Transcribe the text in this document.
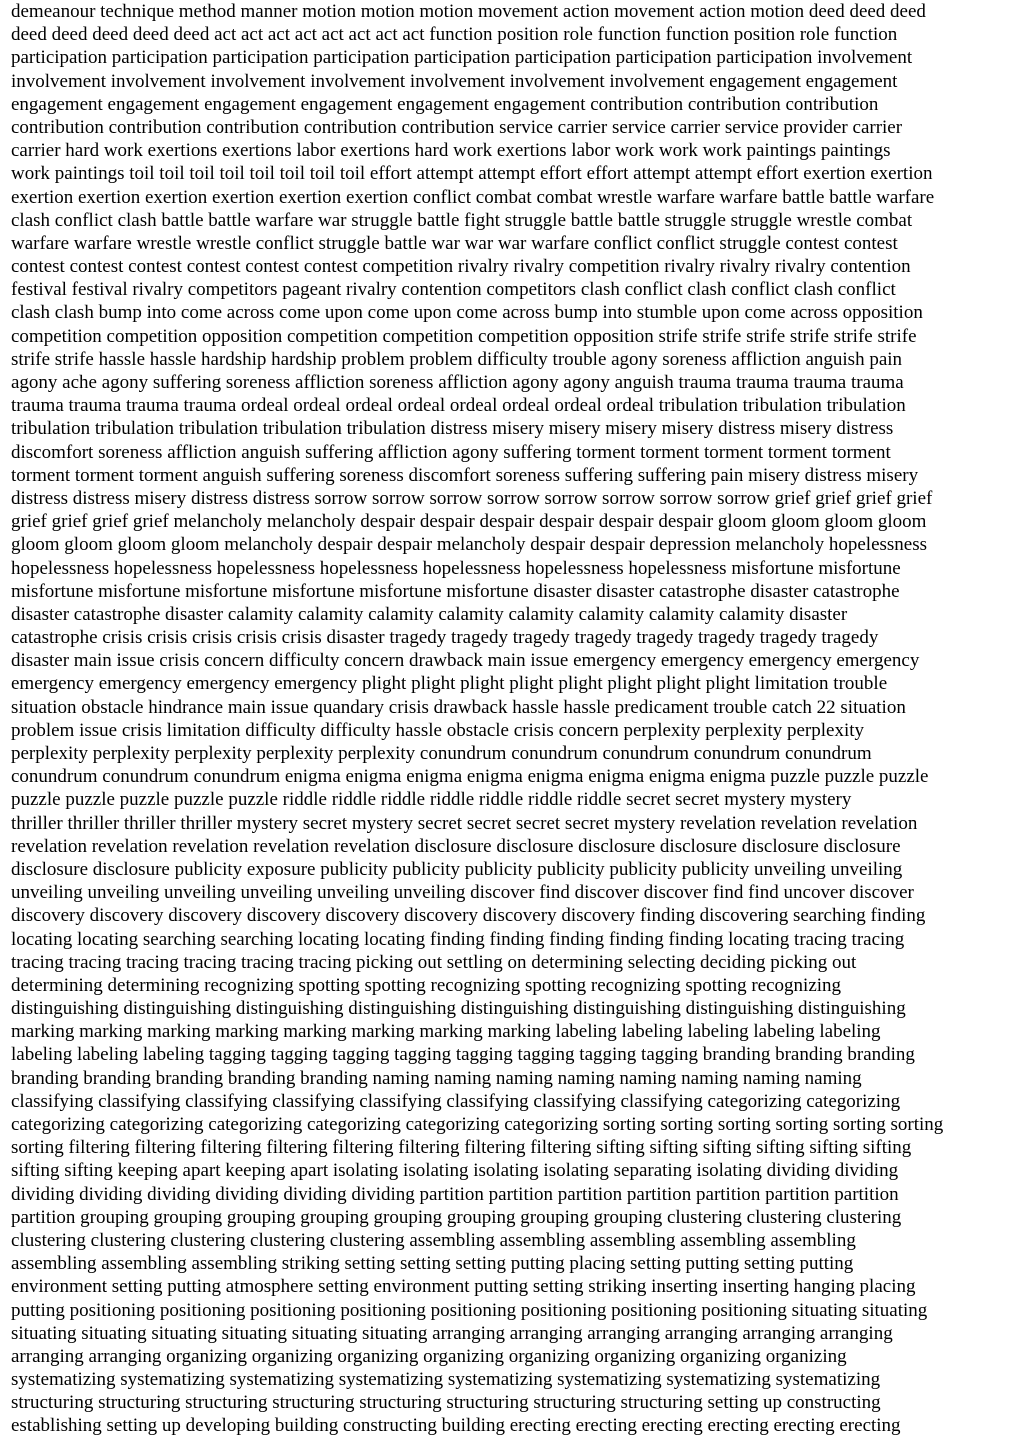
demeanour technique method manner motion motion motion movement action movement action motion deed deed deed
deed deed deed deed deed act act act act act act act act function position role function function position role function
participation participation participation participation participation participation participation participation involvement
involvement involvement involvement involvement involvement involvement involvement engagement engagement
engagement engagement engagement engagement engagement engagement contribution contribution contribution
contribution contribution contribution contribution contribution service carrier service carrier service provider carrier
carrier hard work exertions exertions labor exertions hard work exertions labor work work work paintings paintings
work paintings toil toil toil toil toil toil toil toil effort attempt attempt effort effort attempt attempt effort exertion exertion
exertion exertion exertion exertion exertion exertion conflict combat combat wrestle warfare warfare battle battle warfare
clash conflict clash battle battle warfare war struggle battle fight struggle battle battle struggle struggle wrestle combat
warfare warfare wrestle wrestle conflict struggle battle war war war warfare conflict conflict struggle contest contest
contest contest contest contest contest contest competition rivalry rivalry competition rivalry rivalry rivalry contention
festival festival rivalry competitors pageant rivalry contention competitors clash conflict clash conflict clash conflict
clash clash bump into come across come upon come upon come across bump into stumble upon come across opposition
competition competition opposition competition competition competition opposition strife strife strife strife strife strife
strife strife hassle hassle hardship hardship problem problem difficulty trouble agony soreness affliction anguish pain
agony ache agony suffering soreness affliction soreness affliction agony agony anguish trauma trauma trauma trauma
trauma trauma trauma trauma ordeal ordeal ordeal ordeal ordeal ordeal ordeal ordeal tribulation tribulation tribulation
tribulation tribulation tribulation tribulation tribulation distress misery misery misery misery distress misery distress
discomfort soreness affliction anguish suffering affliction agony suffering torment torment torment torment torment
torment torment torment anguish suffering soreness discomfort soreness suffering suffering pain misery distress misery
distress distress misery distress distress sorrow sorrow sorrow sorrow sorrow sorrow sorrow sorrow grief grief grief grief
grief grief grief grief melancholy melancholy despair despair despair despair despair despair gloom gloom gloom gloom
gloom gloom gloom gloom melancholy despair despair melancholy despair despair depression melancholy hopelessness
hopelessness hopelessness hopelessness hopelessness hopelessness hopelessness hopelessness misfortune misfortune
misfortune misfortune misfortune misfortune misfortune misfortune disaster disaster catastrophe disaster catastrophe
disaster catastrophe disaster calamity calamity calamity calamity calamity calamity calamity calamity disaster
catastrophe crisis crisis crisis crisis crisis disaster tragedy tragedy tragedy tragedy tragedy tragedy tragedy tragedy
disaster main issue crisis concern difficulty concern drawback main issue emergency emergency emergency emergency
emergency emergency emergency emergency plight plight plight plight plight plight plight plight limitation trouble
situation obstacle hindrance main issue quandary crisis drawback hassle hassle predicament trouble catch 22 situation
problem issue crisis limitation difficulty difficulty hassle obstacle crisis concern perplexity perplexity perplexity
perplexity perplexity perplexity perplexity perplexity conundrum conundrum conundrum conundrum conundrum
conundrum conundrum conundrum enigma enigma enigma enigma enigma enigma enigma enigma puzzle puzzle puzzle
puzzle puzzle puzzle puzzle puzzle riddle riddle riddle riddle riddle riddle riddle secret secret mystery mystery
thriller thriller thriller thriller mystery secret mystery secret secret secret secret mystery revelation revelation revelation
revelation revelation revelation revelation revelation disclosure disclosure disclosure disclosure disclosure disclosure
disclosure disclosure publicity exposure publicity publicity publicity publicity publicity publicity unveiling unveiling
unveiling unveiling unveiling unveiling unveiling unveiling discover find discover discover find find uncover discover
discovery discovery discovery discovery discovery discovery discovery discovery finding discovering searching finding
locating locating searching searching locating locating finding finding finding finding finding locating tracing tracing
tracing tracing tracing tracing tracing tracing picking out settling on determining selecting deciding picking out
determining determining recognizing spotting spotting recognizing spotting recognizing spotting recognizing
distinguishing distinguishing distinguishing distinguishing distinguishing distinguishing distinguishing distinguishing
marking marking marking marking marking marking marking marking labeling labeling labeling labeling labeling
labeling labeling labeling tagging tagging tagging tagging tagging tagging tagging tagging branding branding branding
branding branding branding branding branding naming naming naming naming naming naming naming naming
classifying classifying classifying classifying classifying classifying classifying classifying categorizing categorizing
categorizing categorizing categorizing categorizing categorizing categorizing sorting sorting sorting sorting sorting sorting
sorting filtering filtering filtering filtering filtering filtering filtering filtering sifting sifting sifting sifting sifting sifting
sifting sifting keeping apart keeping apart isolating isolating isolating isolating separating isolating dividing dividing
dividing dividing dividing dividing dividing dividing partition partition partition partition partition partition partition
partition grouping grouping grouping grouping grouping grouping grouping grouping clustering clustering clustering
clustering clustering clustering clustering clustering assembling assembling assembling assembling assembling
assembling assembling assembling striking setting setting setting putting placing setting putting setting putting
environment setting putting atmosphere setting environment putting setting striking inserting inserting hanging placing
putting positioning positioning positioning positioning positioning positioning positioning positioning situating situating
situating situating situating situating situating situating arranging arranging arranging arranging arranging arranging
arranging arranging organizing organizing organizing organizing organizing organizing organizing organizing
systematizing systematizing systematizing systematizing systematizing systematizing systematizing systematizing
structuring structuring structuring structuring structuring structuring structuring structuring setting up constructing
establishing setting up developing building constructing building erecting erecting erecting erecting erecting erecting
